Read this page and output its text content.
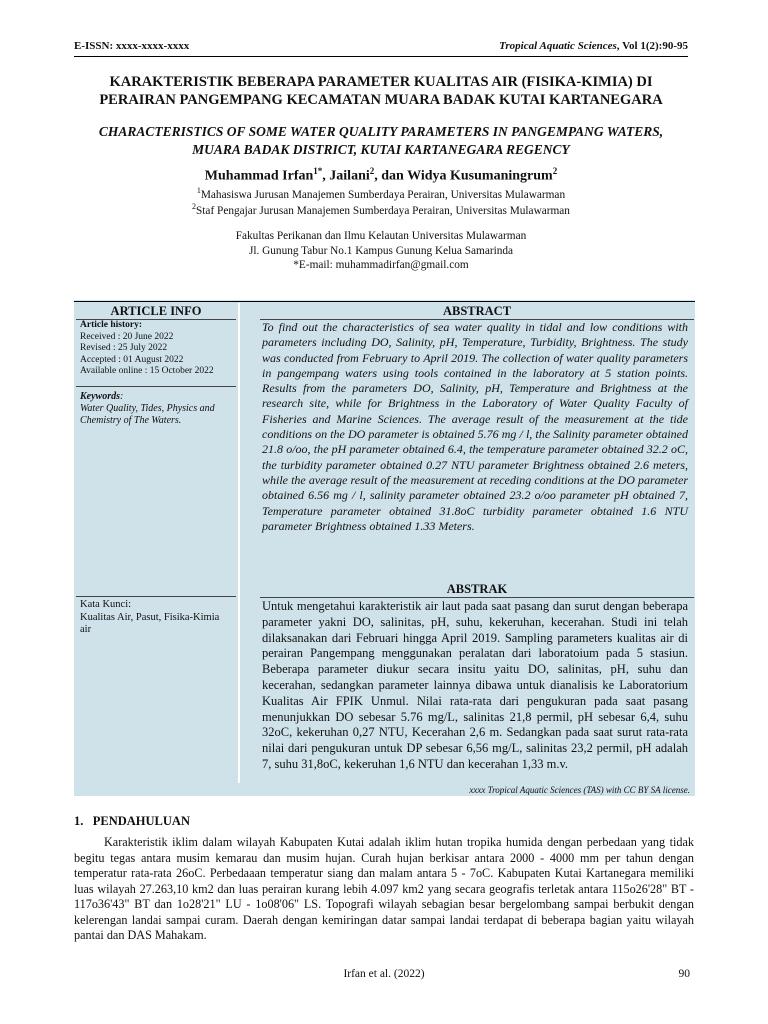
E-ISSN: xxxx-xxxx-xxxx	Tropical Aquatic Sciences, Vol 1(2):90-95
KARAKTERISTIK BEBERAPA PARAMETER KUALITAS AIR (FISIKA-KIMIA) DI PERAIRAN PANGEMPANG KECAMATAN MUARA BADAK KUTAI KARTANEGARA
CHARACTERISTICS OF SOME WATER QUALITY PARAMETERS IN PANGEMPANG WATERS, MUARA BADAK DISTRICT, KUTAI KARTANEGARA REGENCY
Muhammad Irfan$^{1*}$, Jailani$^2$, dan Widya Kusumaningrum$^2$
$^1$Mahasiswa Jurusan Manajemen Sumberdaya Perairan, Universitas Mulawarman
$^2$Staf Pengajar Jurusan Manajemen Sumberdaya Perairan, Universitas Mulawarman
Fakultas Perikanan dan Ilmu Kelautan Universitas Mulawarman
Jl. Gunung Tabur No.1 Kampus Gunung Kelua Samarinda
*E-mail: muhammadirfan@gmail.com
ARTICLE INFO	ABSTRACT
Article history:
Received : 20 June 2022
Revised : 25 July 2022
Accepted : 01 August 2022
Available online : 15 October 2022
Keywords:
Water Quality, Tides, Physics and Chemistry of The Waters.
To find out the characteristics of sea water quality in tidal and low conditions with parameters including DO, Salinity, pH, Temperature, Turbidity, Brightness. The study was conducted from February to April 2019. The collection of water quality parameters in pangempang waters using tools contained in the laboratory at 5 station points. Results from the parameters DO, Salinity, pH, Temperature and Brightness at the research site, while for Brightness in the Laboratory of Water Quality Faculty of Fisheries and Marine Sciences. The average result of the measurement at the tide conditions on the DO parameter is obtained 5.76 mg / l, the Salinity parameter obtained 21.8 o/oo, the pH parameter obtained 6.4, the temperature parameter obtained 32.2 oC, the turbidity parameter obtained 0.27 NTU parameter Brightness obtained 2.6 meters, while the average result of the measurement at receding conditions at the DO parameter obtained 6.56 mg / l, salinity parameter obtained 23.2 o/oo parameter pH obtained 7, Temperature parameter obtained 31.8oC turbidity parameter obtained 1.6 NTU parameter Brightness obtained 1.33 Meters.
ABSTRAK
Kata Kunci:
Kualitas Air, Pasut, Fisika-Kimia air
Untuk mengetahui karakteristik air laut pada saat pasang dan surut dengan beberapa parameter yakni DO, salinitas, pH, suhu, kekeruhan, kecerahan. Studi ini telah dilaksanakan dari Februari hingga April 2019. Sampling parameters kualitas air di perairan Pangempang menggunakan peralatan dari laboratoium pada 5 stasiun. Beberapa parameter diukur secara insitu yaitu DO, salinitas, pH, suhu dan kecerahan, sedangkan parameter lainnya dibawa untuk dianalisis ke Laboratorium Kualitas Air FPIK Unmul. Nilai rata-rata dari pengukuran pada saat pasang menunjukkan DO sebesar 5.76 mg/L, salinitas 21,8 permil, pH sebesar 6,4, suhu 32oC, kekeruhan 0,27 NTU, Kecerahan 2,6 m. Sedangkan pada saat surut rata-rata nilai dari pengukuran untuk DP sebesar 6,56 mg/L, salinitas 23,2 permil, pH adalah 7, suhu 31,8oC, kekeruhan 1,6 NTU dan kecerahan 1,33 m.v.
xxxx Tropical Aquatic Sciences (TAS) with CC BY SA license.
1. PENDAHULUAN
Karakteristik iklim dalam wilayah Kabupaten Kutai adalah iklim hutan tropika humida dengan perbedaan yang tidak begitu tegas antara musim kemarau dan musim hujan. Curah hujan berkisar antara 2000 - 4000 mm per tahun dengan temperatur rata-rata 26oC. Perbedaaan temperatur siang dan malam antara 5 - 7oC. Kabupaten Kutai Kartanegara memiliki luas wilayah 27.263,10 km2 dan luas perairan kurang lebih 4.097 km2 yang secara geografis terletak antara 115o26'28" BT - 117o36'43" BT dan 1o28'21" LU - 1o08'06" LS. Topografi wilayah sebagian besar bergelombang sampai berbukit dengan kelerengan landai sampai curam. Daerah dengan kemiringan datar sampai landai terdapat di beberapa bagian yaitu wilayah pantai dan DAS Mahakam.
Irfan et al. (2022)	90
